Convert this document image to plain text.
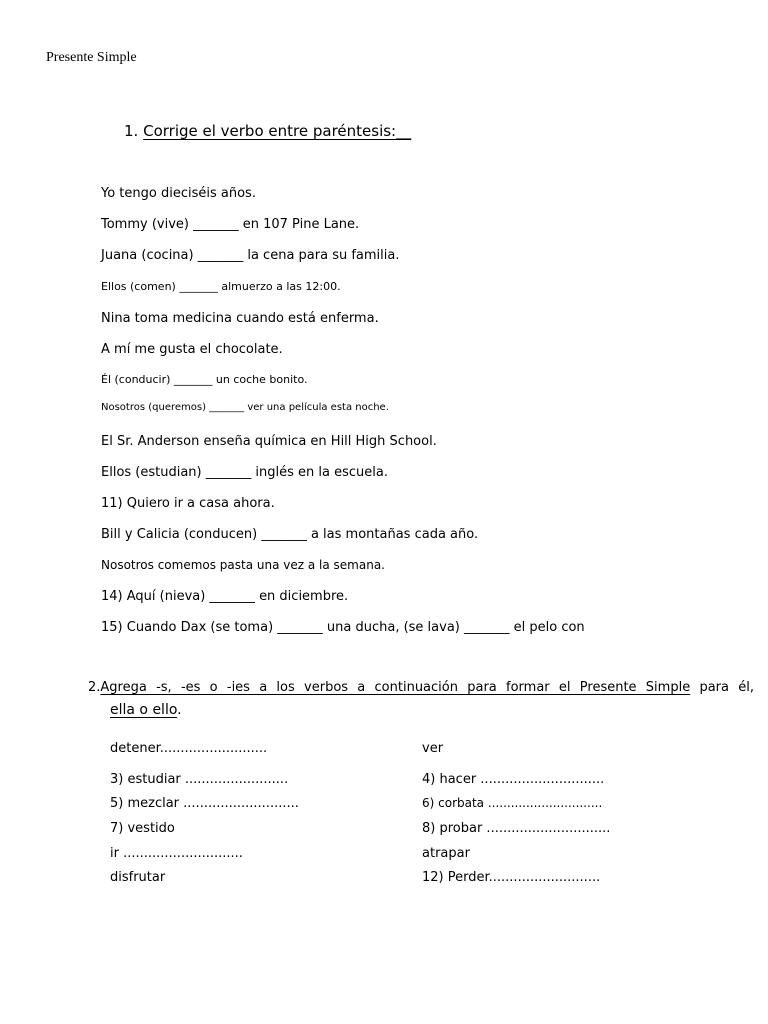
Presente Simple
1. Corrige el verbo entre paréntesis:__
Yo tengo dieciséis años.
Tommy (vive) _______ en 107 Pine Lane.
Juana (cocina) _______ la cena para su familia.
Ellos (comen) _______ almuerzo a las 12:00.
Nina toma medicina cuando está enferma.
A mí me gusta el chocolate.
Él (conducir) _______ un coche bonito.
Nosotros (queremos) _______ ver una película esta noche.
El Sr. Anderson enseña química en Hill High School.
Ellos (estudian) _______ inglés en la escuela.
11) Quiero ir a casa ahora.
Bill y Calicia (conducen) _______ a las montañas cada año.
Nosotros comemos pasta una vez a la semana.
14) Aquí (nieva) _______ en diciembre.
15) Cuando Dax (se toma) _______ una ducha, (se lava) _______ el pelo con
2.Agrega -s, -es o -ies a los verbos a continuación para formar el Presente Simple para él,
ella o ello.
detener..........................
3) estudiar .........................
5) mezclar ............................
7) vestido
ir .............................
disfrutar
ver
4) hacer ..............................
6) corbata ..............................
8) probar ..............................
atrapar
12) Perder...........................
